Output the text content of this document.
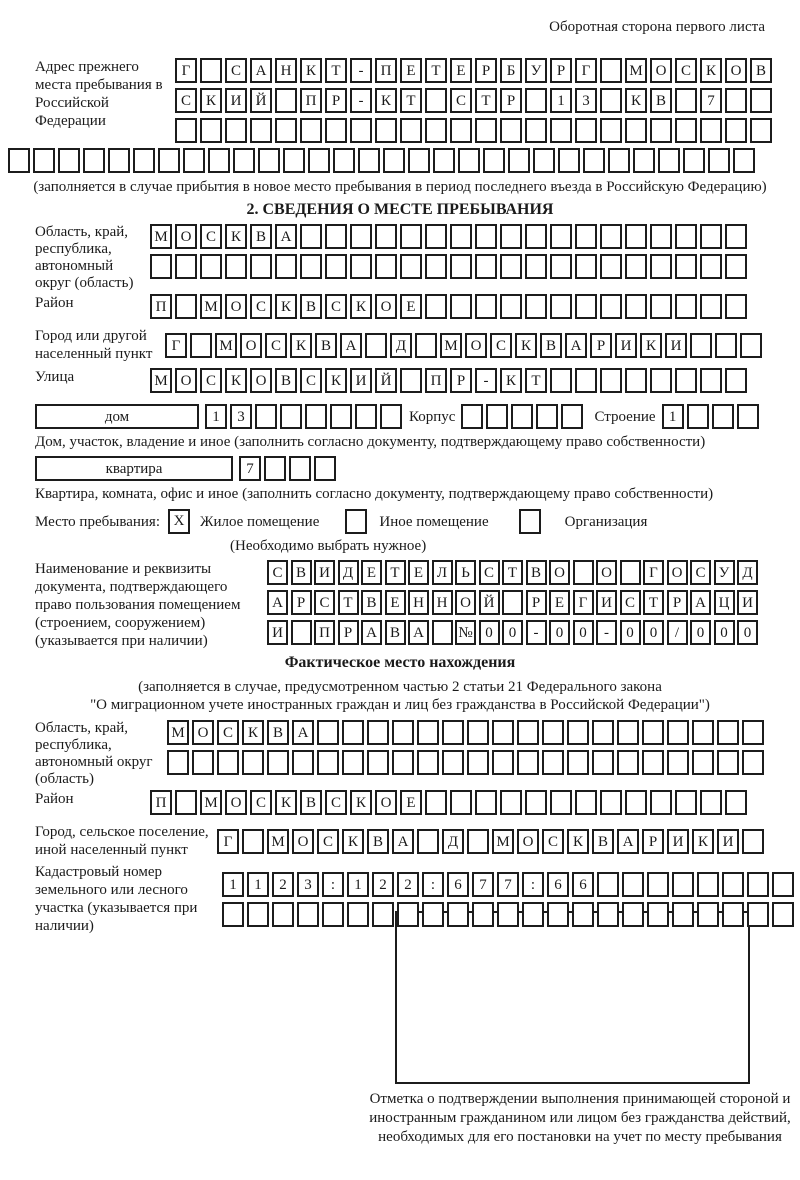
Оборотная сторона первого листа
Адрес прежнего места пребывания в Российской Федерации
Г	С А Н К	Т	-	П Е	Т	Е	Р	Б	У	Р	Г	М О С К О В
С К И Й	П	Р	-	К	Т	С	Т	Р	1	3	К В	7
(заполняется в случае прибытия в новое место пребывания в период последнего въезда в Российскую Федерацию)
2. СВЕДЕНИЯ О МЕСТЕ ПРЕБЫВАНИЯ
Область, край, республика, автономный округ (область)
М О С К В А
Район	П	М О С К В С К О Е
Город или другой населенный пункт
Г	М О С К В А	Д	М О С К В А	Р	И К И
Улица	М О С К О В С К И Й	П	Р	-	К	Т
дом	1	3	Корпус	Строение 1
Дом, участок, владение и иное (заполнить согласно документу, подтверждающему право собственности)
квартира	7
Квартира, комната, офис и иное (заполнить согласно документу, подтверждающему право собственности)
Место пребывания: X	Жилое помещение	Иное помещение	Организация
(Необходимо выбрать нужное)
Наименование и реквизиты документа, подтверждающего право пользования помещением (строением, сооружением) (указывается при наличии)
С В И Д Е Т Е Л Ь С Т В О	О	Г О С У Д
А Р С Т В Е Н Н О Й	Р Е Г И С Т Р А Ц И
И	П Р А В А	№ 0	0	-	0	0	-	0	0	/	0	0	0
Фактическое место нахождения
(заполняется в случае, предусмотренном частью 2 статьи 21 Федерального закона
"О миграционном учете иностранных граждан и лиц без гражданства в Российской Федерации")
Область, край, республика, автономный округ (область)
М О С К В А
Район	П	М О С К В С К О Е
Город, сельское поселение, иной населенный пункт
Г	М О С К В А	Д	М О С К В А	Р	И К И
Кадастровый номер земельного или лесного участка (указывается при наличии)
1	1	2	3	:	1	2	2	:	6	7	7	:	6	6
Отметка о подтверждении выполнения принимающей стороной и иностранным гражданином или лицом без гражданства действий, необходимых для его постановки на учет по месту пребывания
